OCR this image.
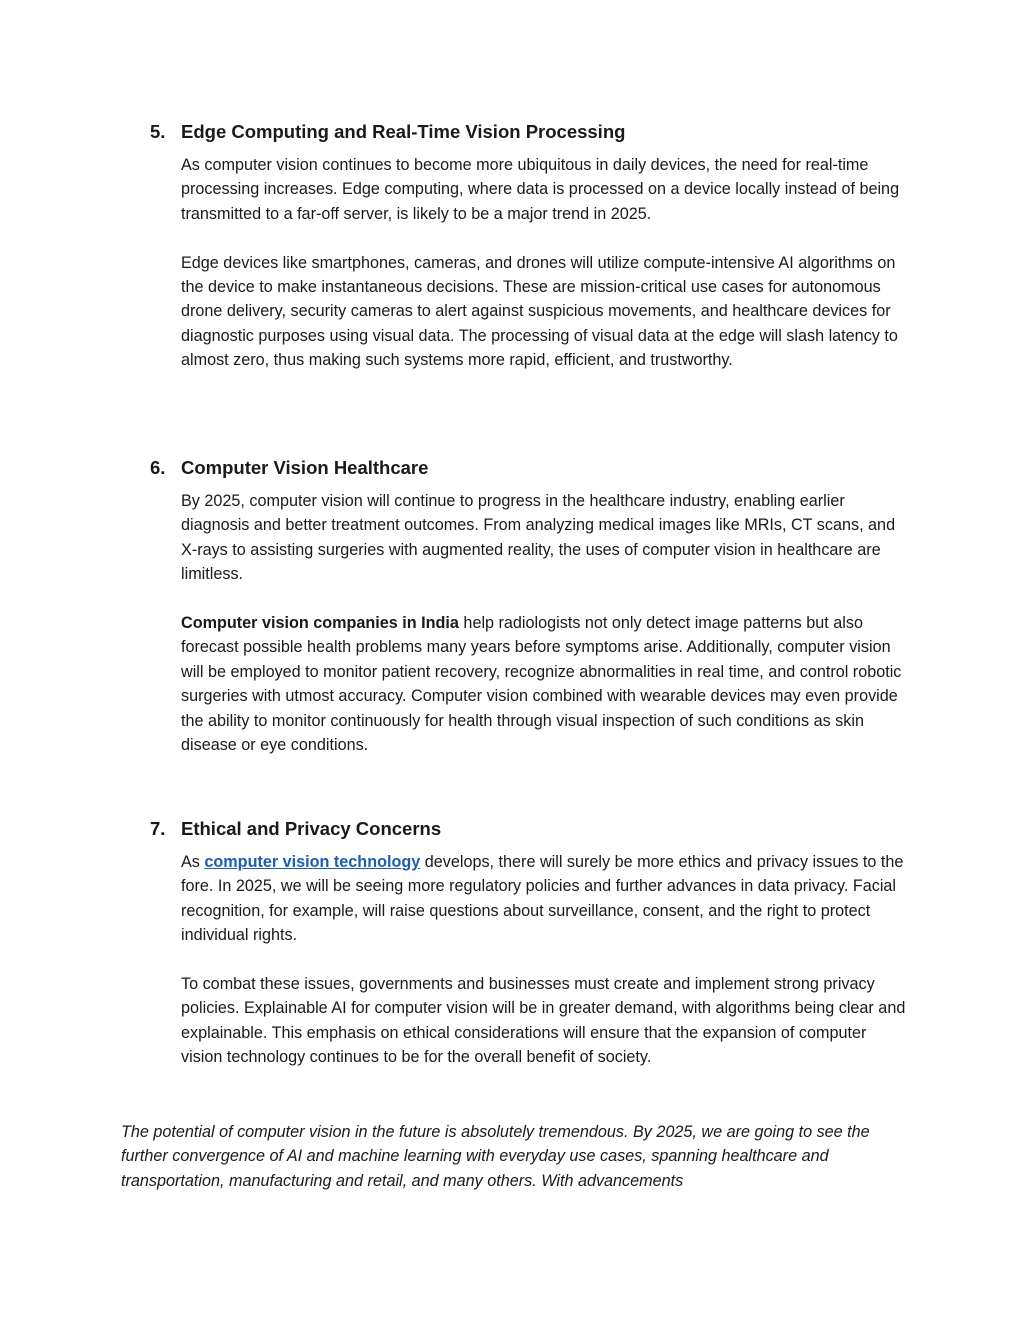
5. Edge Computing and Real-Time Vision Processing

As computer vision continues to become more ubiquitous in daily devices, the need for real-time processing increases. Edge computing, where data is processed on a device locally instead of being transmitted to a far-off server, is likely to be a major trend in 2025.

Edge devices like smartphones, cameras, and drones will utilize compute-intensive AI algorithms on the device to make instantaneous decisions. These are mission-critical use cases for autonomous drone delivery, security cameras to alert against suspicious movements, and healthcare devices for diagnostic purposes using visual data. The processing of visual data at the edge will slash latency to almost zero, thus making such systems more rapid, efficient, and trustworthy.

6. Computer Vision Healthcare

By 2025, computer vision will continue to progress in the healthcare industry, enabling earlier diagnosis and better treatment outcomes. From analyzing medical images like MRIs, CT scans, and X-rays to assisting surgeries with augmented reality, the uses of computer vision in healthcare are limitless.

Computer vision companies in India help radiologists not only detect image patterns but also forecast possible health problems many years before symptoms arise. Additionally, computer vision will be employed to monitor patient recovery, recognize abnormalities in real time, and control robotic surgeries with utmost accuracy. Computer vision combined with wearable devices may even provide the ability to monitor continuously for health through visual inspection of such conditions as skin disease or eye conditions.

7. Ethical and Privacy Concerns

As computer vision technology develops, there will surely be more ethics and privacy issues to the fore. In 2025, we will be seeing more regulatory policies and further advances in data privacy. Facial recognition, for example, will raise questions about surveillance, consent, and the right to protect individual rights.

To combat these issues, governments and businesses must create and implement strong privacy policies. Explainable AI for computer vision will be in greater demand, with algorithms being clear and explainable. This emphasis on ethical considerations will ensure that the expansion of computer vision technology continues to be for the overall benefit of society.

The potential of computer vision in the future is absolutely tremendous. By 2025, we are going to see the further convergence of AI and machine learning with everyday use cases, spanning healthcare and transportation, manufacturing and retail, and many others. With advancements
